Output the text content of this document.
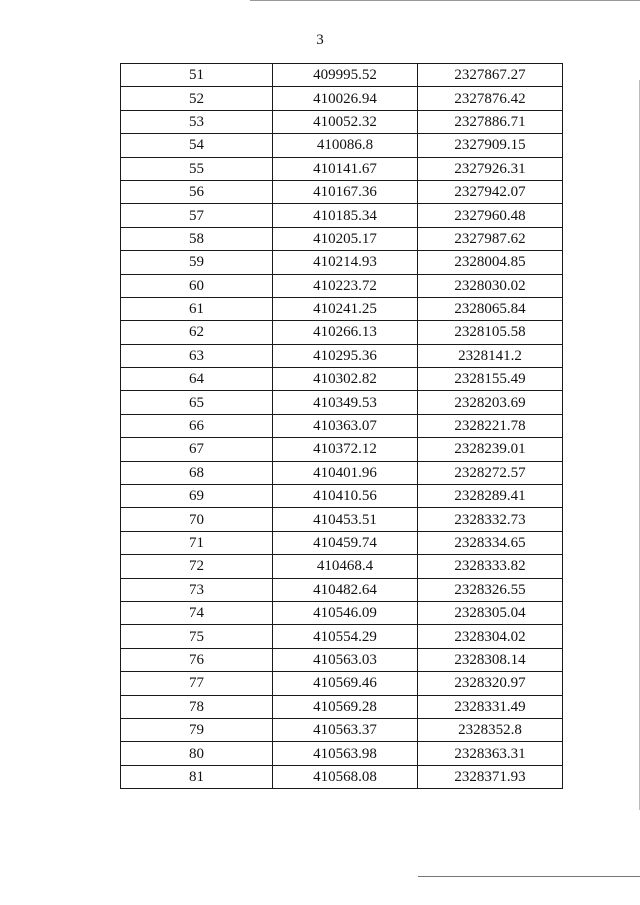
3
51	409995.52	2327867.27
52	410026.94	2327876.42
53	410052.32	2327886.71
54	410086.8	2327909.15
55	410141.67	2327926.31
56	410167.36	2327942.07
57	410185.34	2327960.48
58	410205.17	2327987.62
59	410214.93	2328004.85
60	410223.72	2328030.02
61	410241.25	2328065.84
62	410266.13	2328105.58
63	410295.36	2328141.2
64	410302.82	2328155.49
65	410349.53	2328203.69
66	410363.07	2328221.78
67	410372.12	2328239.01
68	410401.96	2328272.57
69	410410.56	2328289.41
70	410453.51	2328332.73
71	410459.74	2328334.65
72	410468.4	2328333.82
73	410482.64	2328326.55
74	410546.09	2328305.04
75	410554.29	2328304.02
76	410563.03	2328308.14
77	410569.46	2328320.97
78	410569.28	2328331.49
79	410563.37	2328352.8
80	410563.98	2328363.31
81	410568.08	2328371.93
